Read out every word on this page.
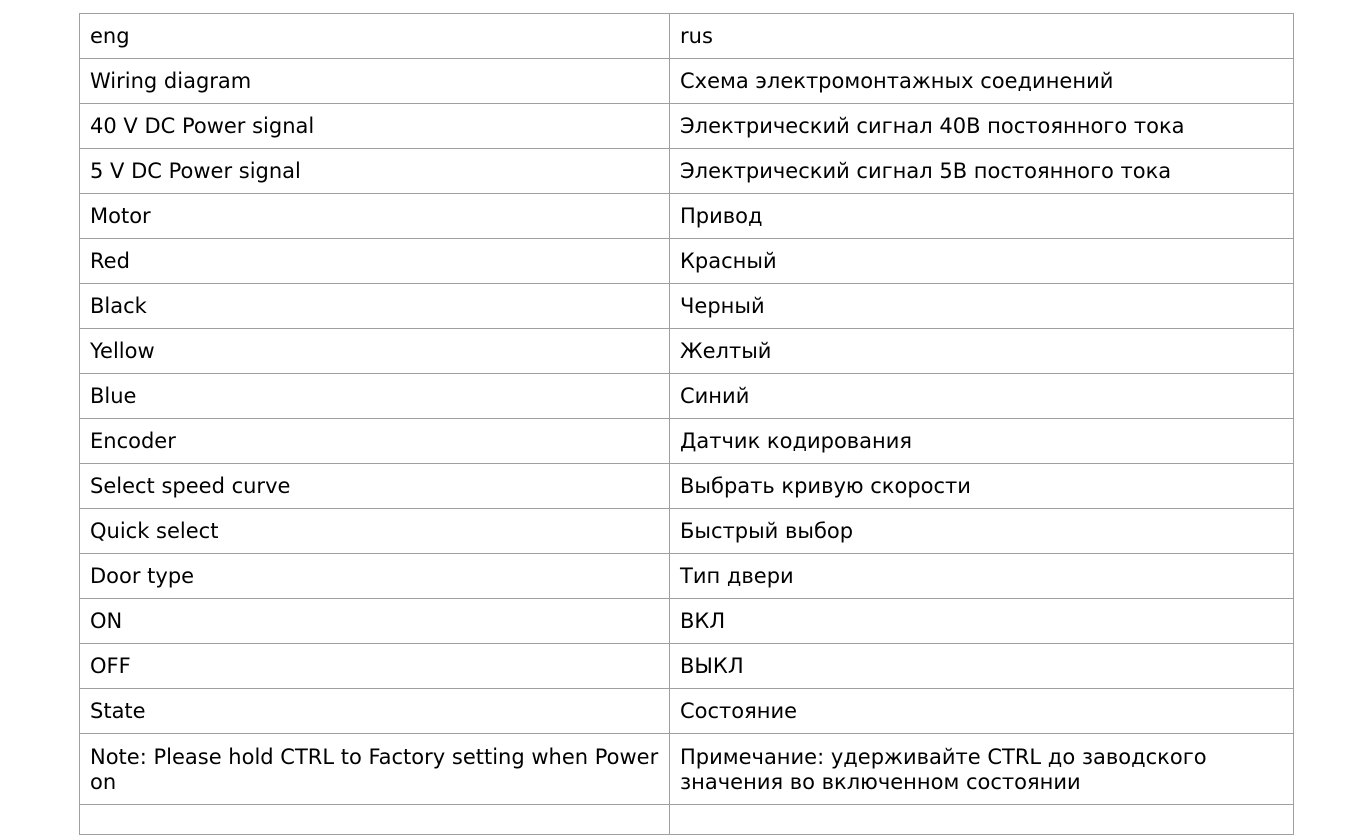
eng	rus
Wiring diagram	Схема электромонтажных соединений
40 V DC Power signal	Электрический сигнал 40В постоянного тока
5 V DC Power signal	Электрический сигнал 5В постоянного тока
Motor	Привод
Red	Красный
Black	Черный
Yellow	Желтый
Blue	Синий
Encoder	Датчик кодирования
Select speed curve	Выбрать кривую скорости
Quick select	Быстрый выбор
Door type	Тип двери
ON	ВКЛ
OFF	ВЫКЛ
State	Состояние
Note: Please hold CTRL to Factory setting when Power on	Примечание: удерживайте CTRL до заводского значения во включенном состоянии
